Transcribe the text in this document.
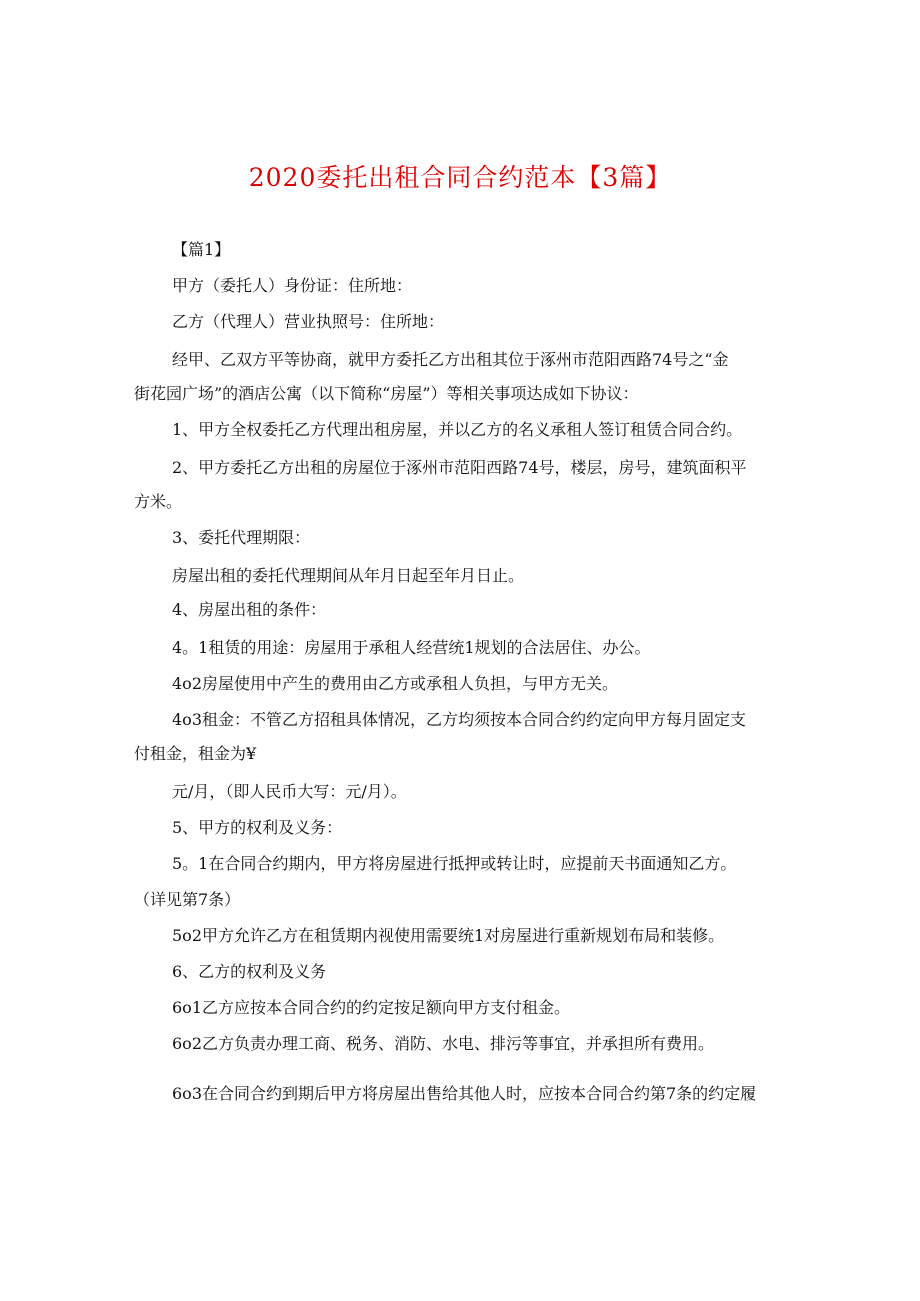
2020委托出租合同合约范本【3篇】
【篇1】
甲方（委托人）身份证：住所地：
乙方（代理人）营业执照号：住所地：
经甲、乙双方平等协商，就甲方委托乙方出租其位于涿州市范阳西路74号之“金
街花园广场”的酒店公寓（以下简称“房屋”）等相关事项达成如下协议：
1、甲方全权委托乙方代理出租房屋，并以乙方的名义承租人签订租赁合同合约。
2、甲方委托乙方出租的房屋位于涿州市范阳西路74号，楼层，房号，建筑面积平
方米。
3、委托代理期限：
房屋出租的委托代理期间从年月日起至年月日止。
4、房屋出租的条件：
4。1租赁的用途：房屋用于承租人经营统1规划的合法居住、办公。
4o2房屋使用中产生的费用由乙方或承租人负担，与甲方无关。
4o3租金：不管乙方招租具体情况，乙方均须按本合同合约约定向甲方每月固定支
付租金，租金为¥
元/月，（即人民币大写：元/月）。
5、甲方的权利及义务：
5。1在合同合约期内，甲方将房屋进行抵押或转让时，应提前天书面通知乙方。
（详见第7条）
5o2甲方允许乙方在租赁期内视使用需要统1对房屋进行重新规划布局和装修。
6、乙方的权利及义务
6o1乙方应按本合同合约的约定按足额向甲方支付租金。
6o2乙方负责办理工商、税务、消防、水电、排污等事宜，并承担所有费用。
6o3在合同合约到期后甲方将房屋出售给其他人时，应按本合同合约第7条的约定履
